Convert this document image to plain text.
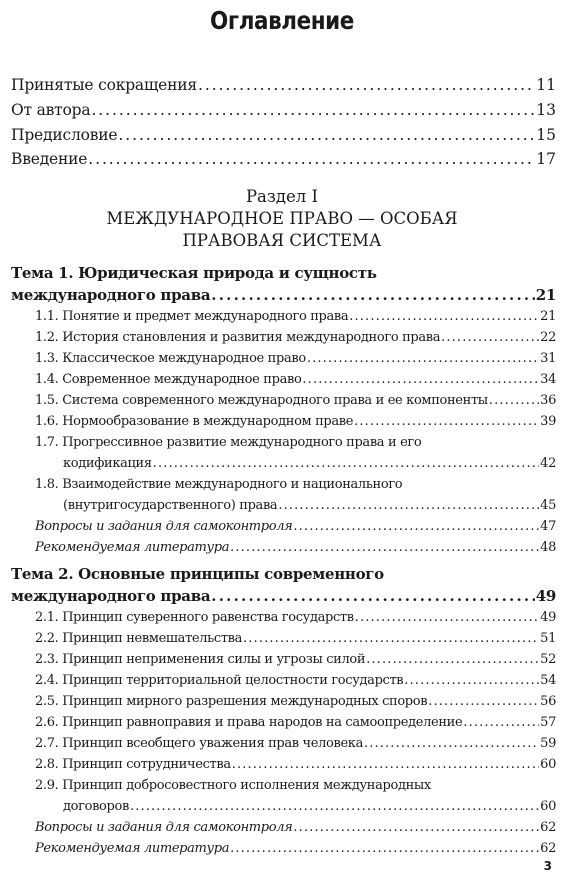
Оглавление
Принятые сокращения . . .	11
От автора . . .	13
Предисловие . . .	15
Введение . . .	17
Раздел I
МЕЖДУНАРОДНОЕ ПРАВО — ОСОБАЯ
ПРАВОВАЯ СИСТЕМА
Тема 1. Юридическая природа и сущность
международного права . . .	21
1.1. Понятие и предмет международного права . . .	21
1.2. История становления и развития международного права . . .	22
1.3. Классическое международное право . . .	31
1.4. Современное международное право . . .	34
1.5. Система современного международного права и ее компоненты . . .	36
1.6. Нормообразование в международном праве . . .	39
1.7. Прогрессивное развитие международного права и его
кодификация . . .	42
1.8. Взаимодействие международного и национального
(внутригосударственного) права . . .	45
Вопросы и задания для самоконтроля . . .	47
Рекомендуемая литература . . .	48
Тема 2. Основные принципы современного
международного права . . .	49
2.1. Принцип суверенного равенства государств . . .	49
2.2. Принцип невмешательства . . .	51
2.3. Принцип неприменения силы и угрозы силой . . .	52
2.4. Принцип территориальной целостности государств . . .	54
2.5. Принцип мирного разрешения международных споров . . .	56
2.6. Принцип равноправия и права народов на самоопределение . . .	57
2.7. Принцип всеобщего уважения прав человека . . .	59
2.8. Принцип сотрудничества . . .	60
2.9. Принцип добросовестного исполнения международных
договоров . . .	60
Вопросы и задания для самоконтроля . . .	62
Рекомендуемая литература . . .	62
3
